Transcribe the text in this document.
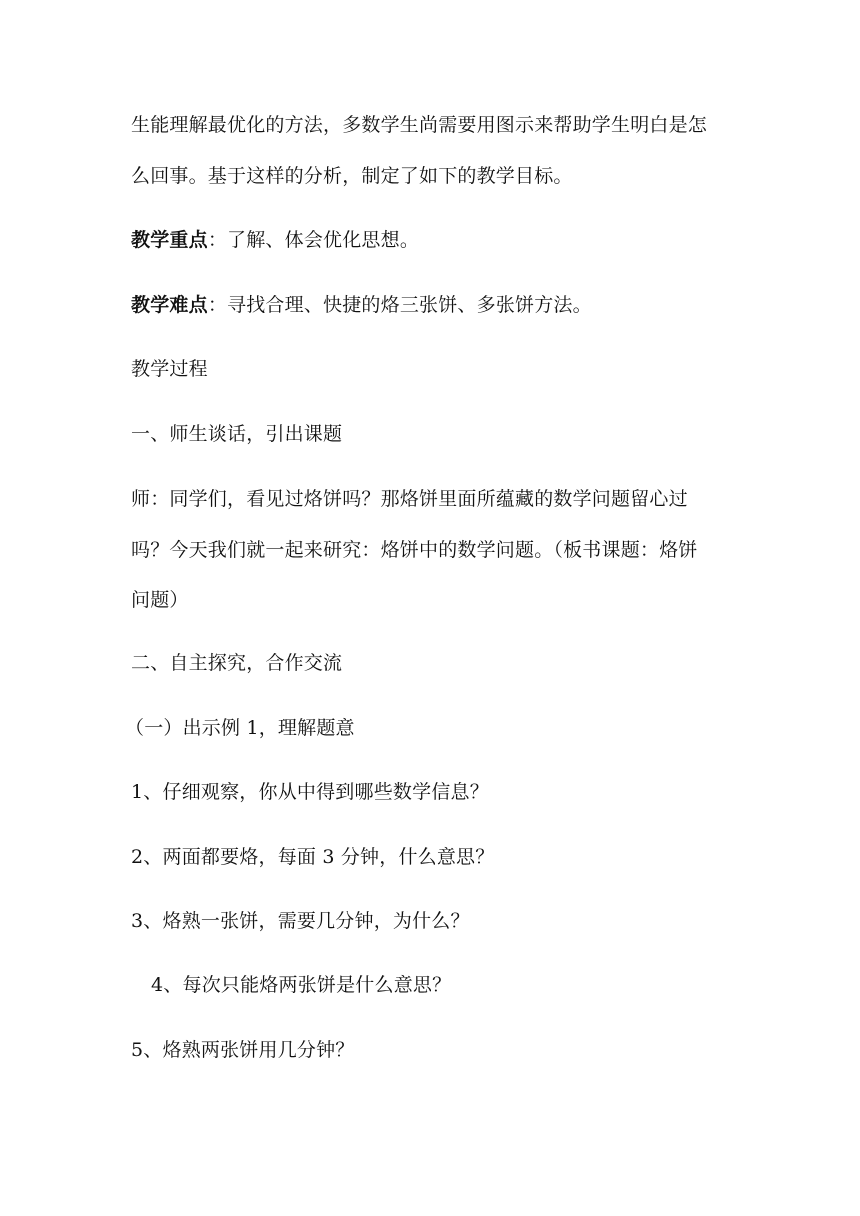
生能理解最优化的方法，多数学生尚需要用图示来帮助学生明白是怎
么回事。基于这样的分析，制定了如下的教学目标。
教学重点：了解、体会优化思想。
教学难点：寻找合理、快捷的烙三张饼、多张饼方法。
教学过程
一、师生谈话，引出课题
师：同学们，看见过烙饼吗？那烙饼里面所蕴藏的数学问题留心过
吗？今天我们就一起来研究：烙饼中的数学问题。（板书课题：烙饼
问题）
二、自主探究，合作交流
（一）出示例 1，理解题意
1、仔细观察，你从中得到哪些数学信息？
2、两面都要烙，每面 3 分钟，什么意思？
3、烙熟一张饼，需要几分钟，为什么？
4、每次只能烙两张饼是什么意思？
5、烙熟两张饼用几分钟？
